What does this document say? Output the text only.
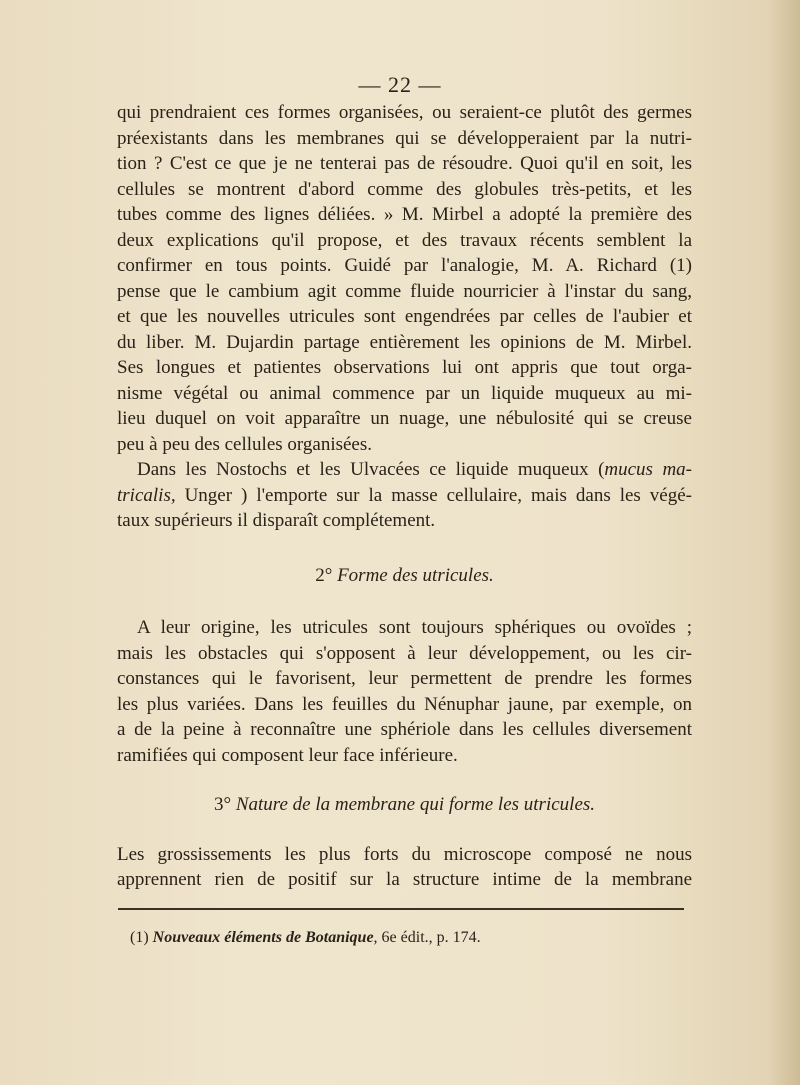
— 22 —
qui prendraient ces formes organisées, ou seraient-ce plutôt des germes
préexistants dans les membranes qui se développeraient par la nutri-
tion ? C'est ce que je ne tenterai pas de résoudre. Quoi qu'il en soit, les
cellules se montrent d'abord comme des globules très-petits, et les
tubes comme des lignes déliées. » M. Mirbel a adopté la première des
deux explications qu'il propose, et des travaux récents semblent la
confirmer en tous points. Guidé par l'analogie, M. A. Richard (1)
pense que le cambium agit comme fluide nourricier à l'instar du sang,
et que les nouvelles utricules sont engendrées par celles de l'aubier et
du liber. M. Dujardin partage entièrement les opinions de M. Mirbel.
Ses longues et patientes observations lui ont appris que tout orga-
nisme végétal ou animal commence par un liquide muqueux au mi-
lieu duquel on voit apparaître un nuage, une nébulosité qui se creuse
peu à peu des cellules organisées.
Dans les Nostochs et les Ulvacées ce liquide muqueux (mucus ma-
tricalis, Unger ) l'emporte sur la masse cellulaire, mais dans les végé-
taux supérieurs il disparaît complétement.
2° Forme des utricules.
A leur origine, les utricules sont toujours sphériques ou ovoïdes ;
mais les obstacles qui s'opposent à leur développement, ou les cir-
constances qui le favorisent, leur permettent de prendre les formes
les plus variées. Dans les feuilles du Nénuphar jaune, par exemple, on
a de la peine à reconnaître une sphériole dans les cellules diversement
ramifiées qui composent leur face inférieure.
3° Nature de la membrane qui forme les utricules.
Les grossissements les plus forts du microscope composé ne nous
apprennent rien de positif sur la structure intime de la membrane
(1) Nouveaux éléments de Botanique, 6e édit., p. 174.
